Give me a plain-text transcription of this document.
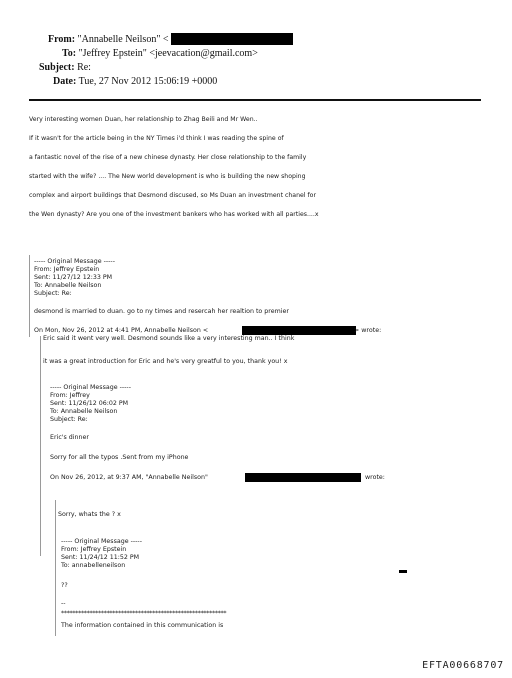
From: "Annabelle Neilson" <
To: "Jeffrey Epstein" <jeevacation@gmail.com>
Subject: Re:
Date: Tue, 27 Nov 2012 15:06:19 +0000
Very interesting women Duan, her relationship to Zhag Beili and Mr Wen..
If it wasn't for the article being in the NY Times i'd think I was reading the spine of
a fantastic novel of the rise of a new chinese dynasty. Her close relationship to the family
started with the wife? .... The New world development is who is building the new shoping
complex and airport buildings that Desmond discused, so Ms Duan an investment chanel for
the Wen dynasty? Are you one of the investment bankers who has worked with all parties....x
----- Original Message -----
From: Jeffrey Epstein
Sent: 11/27/12 12:33 PM
To: Annabelle Neilson
Subject: Re:
desmond is married to duan. go to ny times and resercah her realtion to premier
On Mon, Nov 26, 2012 at 4:41 PM, Annabelle Neilson <	> wrote:
Eric said it went very well. Desmond sounds like a very interesting man.. I think
it was a great introduction for Eric and he's very greatful to you, thank you! x
----- Original Message -----
From: Jeffrey
Sent: 11/26/12 06:02 PM
To: Annabelle Neilson
Subject: Re:
Eric's dinner
Sorry for all the typos .Sent from my iPhone
On Nov 26, 2012, at 9:37 AM, "Annabelle Neilson"	wrote:
Sorry, whats the ? x
----- Original Message -----
From: Jeffrey Epstein
Sent: 11/24/12 11:52 PM
To: annabelleneilson
??
--
**********************************************************
The information contained in this communication is
EFTA00668707
